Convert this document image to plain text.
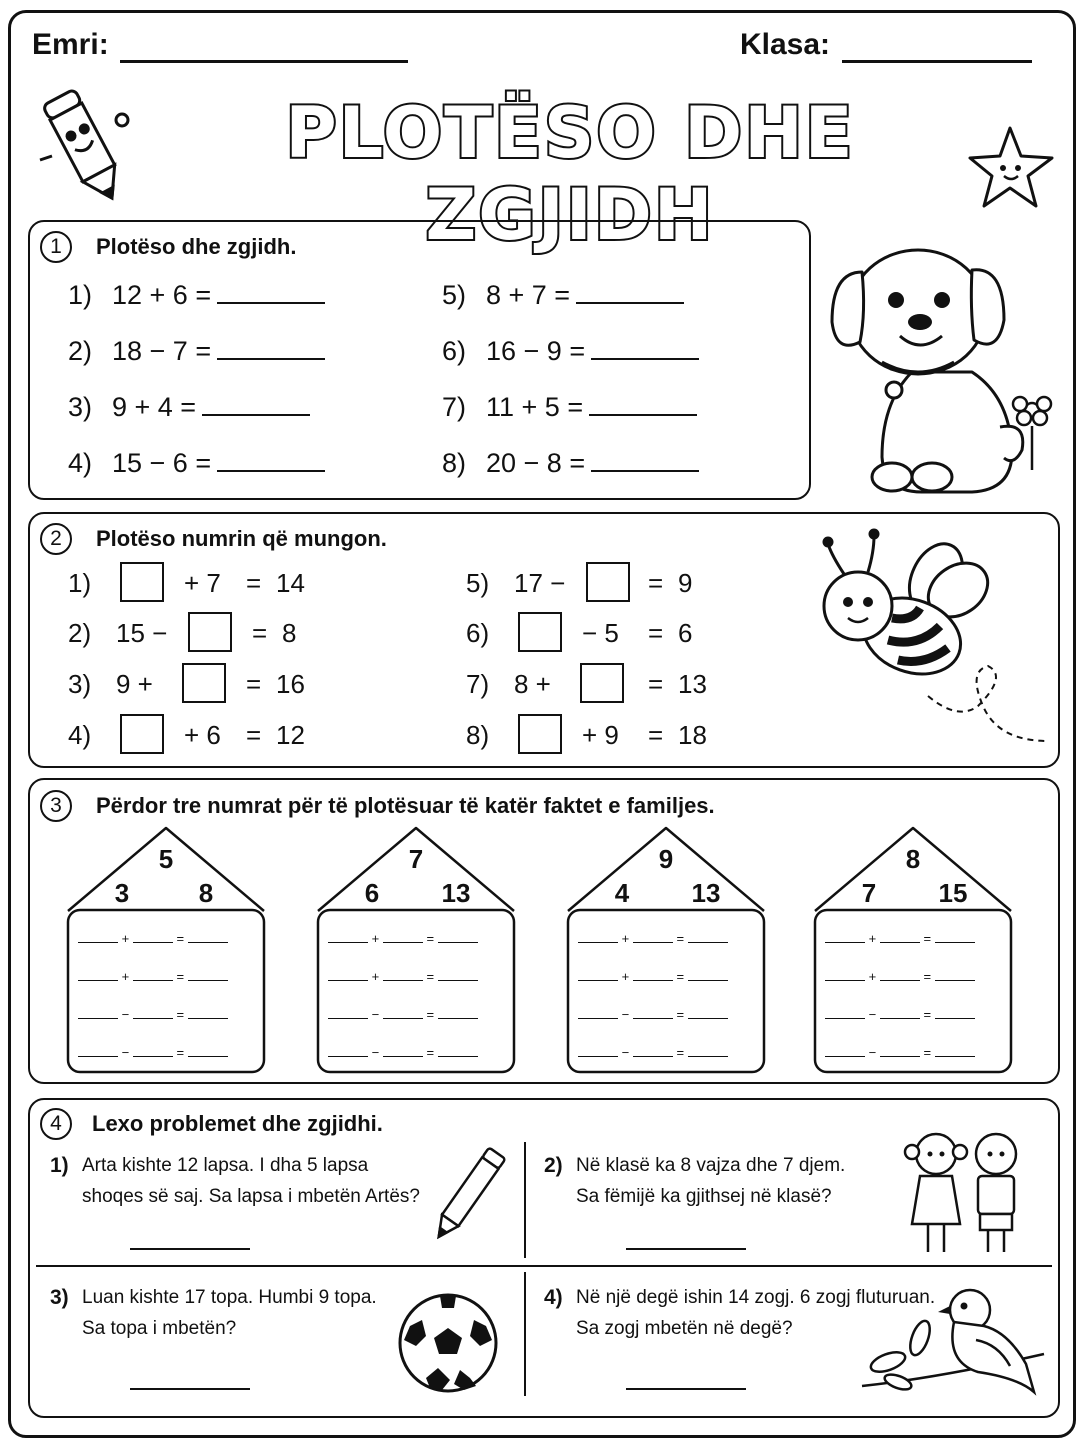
Emri:	Klasa:
PLOTËSO DHE ZGJIDH
1	Plotëso dhe zgjidh.
1) 12 + 6 =
2) 18 − 7 =
3) 9 + 4 =
4) 15 − 6 =
5) 8 + 7 =
6) 16 − 9 =
7) 11 + 5 =
8) 20 − 8 =
2	Plotëso numrin që mungon.
1)	+ 7 = 14
2) 15 −	= 8
3) 9 +	= 16
4)	+ 6 = 12
5) 17 −	= 9
6)	− 5 = 6
7) 8 +	= 13
8)	+ 9 = 18
3	Përdor tre numrat për të plotësuar të katër faktet e familjes.
5
3	8
+	=
+	=
−	=
−	=
7
6	13
+	=
+	=
−	=
−	=
9
4	13
+	=
+	=
−	=
−	=
8
7	15
+	=
+	=
−	=
−	=
4	Lexo problemet dhe zgjidhi.
1) Arta kishte 12 lapsa. I dha 5 lapsa
shoqes së saj. Sa lapsa i mbetën Artës?
2) Në klasë ka 8 vajza dhe 7 djem.
Sa fëmijë ka gjithsej në klasë?
3) Luan kishte 17 topa. Humbi 9 topa.
Sa topa i mbetën?
4) Në një degë ishin 14 zogj. 6 zogj fluturuan.
Sa zogj mbetën në degë?
